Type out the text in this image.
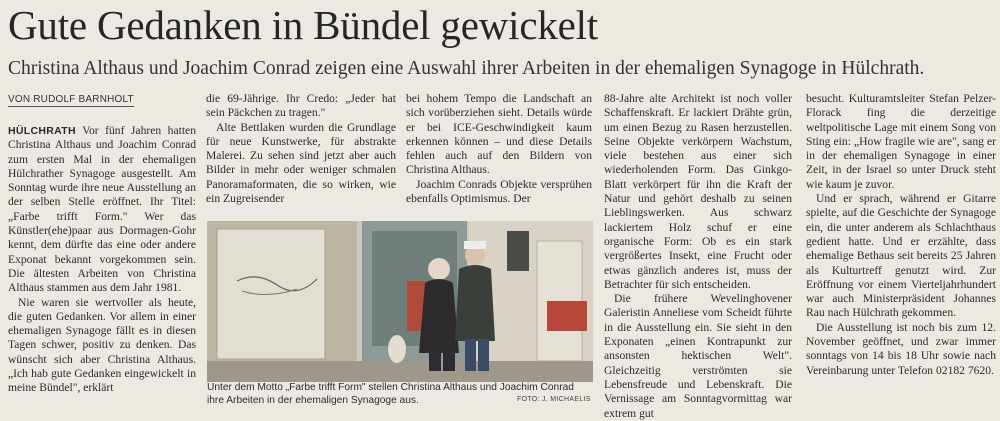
Gute Gedanken in Bündel gewickelt

Christina Althaus und Joachim Conrad zeigen eine Auswahl ihrer Arbeiten in der ehemaligen Synagoge in Hülchrath.

VON RUDOLF BARNHOLT

HÜLCHRATH Vor fünf Jahren hatten Christina Althaus und Joachim Conrad zum ersten Mal in der ehemaligen Hülchrather Synagoge ausgestellt. Am Sonntag wurde ihre neue Ausstellung an der selben Stelle eröffnet. Ihr Titel: „Farbe trifft Form." Wer das Künstler(ehe)paar aus Dormagen-Gohr kennt, dem dürfte das eine oder andere Exponat bekannt vorgekommen sein. Die ältesten Arbeiten von Christina Althaus stammen aus dem Jahr 1981.

Nie waren sie wertvoller als heute, die guten Gedanken. Vor allem in einer ehemaligen Synagoge fällt es in diesen Tagen schwer, positiv zu denken. Das wünscht sich aber Christina Althaus. „Ich hab gute Gedanken eingewickelt in meine Bündel", erklärt

die 69-Jährige. Ihr Credo: „Jeder hat sein Päckchen zu tragen."

Alte Bettlaken wurden die Grundlage für neue Kunstwerke, für abstrakte Malerei. Zu sehen sind jetzt aber auch Bilder in mehr oder weniger schmalen Panoramaformaten, die so wirken, wie ein Zugreisender

bei hohem Tempo die Landschaft an sich vorüberziehen sieht. Details würde er bei ICE-Geschwindigkeit kaum erkennen können – und diese Details fehlen auch auf den Bildern von Christina Althaus.

Joachim Conrads Objekte versprühen ebenfalls Optimismus. Der

88-Jahre alte Architekt ist noch voller Schaffenskraft. Er lackiert Drähte grün, um einen Bezug zu Rasen herzustellen. Seine Objekte verkörpern Wachstum, viele bestehen aus einer sich wiederholenden Form. Das Ginkgo-Blatt verkörpert für ihn die Kraft der Natur und gehört deshalb zu seinen Lieblingswerken. Aus schwarz lackiertem Holz schuf er eine organische Form: Ob es ein stark vergrößertes Insekt, eine Frucht oder etwas gänzlich anderes ist, muss der Betrachter für sich entscheiden.

Die frühere Wevelinghovener Galeristin Anneliese vom Scheidt führte in die Ausstellung ein. Sie sieht in den Exponaten „einen Kontrapunkt zur ansonsten hektischen Welt". Gleichzeitig verströmten sie Lebensfreude und Lebenskraft. Die Vernissage am Sonntagvormittag war extrem gut

besucht. Kulturamtsleiter Stefan Pelzer-Florack fing die derzeitige weltpolitische Lage mit einem Song von Sting ein: „How fragile wie are", sang er in der ehemaligen Synagoge in einer Zeit, in der Israel so unter Druck steht wie kaum je zuvor.

Und er sprach, während er Gitarre spielte, auf die Geschichte der Synagoge ein, die unter anderem als Schlachthaus gedient hatte. Und er erzählte, dass ehemalige Bethaus seit bereits 25 Jahren als Kulturtreff genutzt wird. Zur Eröffnung vor einem Vierteljahrhundert war auch Ministerpräsident Johannes Rau nach Hülchrath gekommen.

Die Ausstellung ist noch bis zum 12. November geöffnet, und zwar immer sonntags von 14 bis 18 Uhr sowie nach Vereinbarung unter Telefon 02182 7620.

Unter dem Motto „Farbe trifft Form" stellen Christina Althaus und Joachim Conrad ihre Arbeiten in der ehemaligen Synagoge aus.	FOTO: J. MICHAELIS
